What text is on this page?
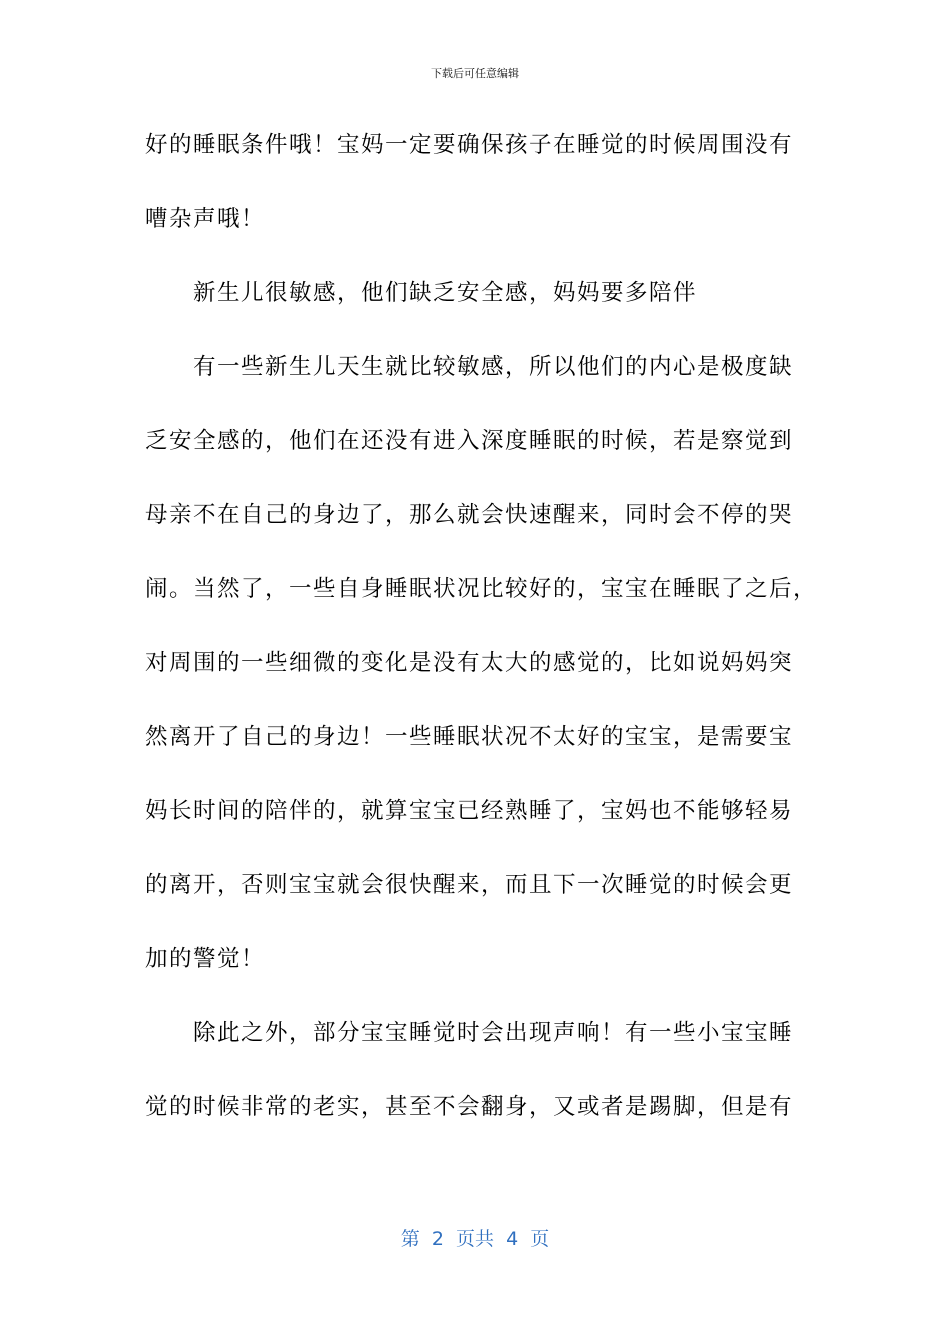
下载后可任意编辑
好的睡眠条件哦！宝妈一定要确保孩子在睡觉的时候周围没有
嘈杂声哦！
新生儿很敏感，他们缺乏安全感，妈妈要多陪伴
有一些新生儿天生就比较敏感，所以他们的内心是极度缺
乏安全感的，他们在还没有进入深度睡眠的时候，若是察觉到
母亲不在自己的身边了，那么就会快速醒来，同时会不停的哭
闹。当然了，一些自身睡眠状况比较好的，宝宝在睡眠了之后，
对周围的一些细微的变化是没有太大的感觉的，比如说妈妈突
然离开了自己的身边！一些睡眠状况不太好的宝宝，是需要宝
妈长时间的陪伴的，就算宝宝已经熟睡了，宝妈也不能够轻易
的离开，否则宝宝就会很快醒来，而且下一次睡觉的时候会更
加的警觉！
除此之外，部分宝宝睡觉时会出现声响！有一些小宝宝睡
觉的时候非常的老实，甚至不会翻身，又或者是踢脚，但是有
第  2  页共  4  页
